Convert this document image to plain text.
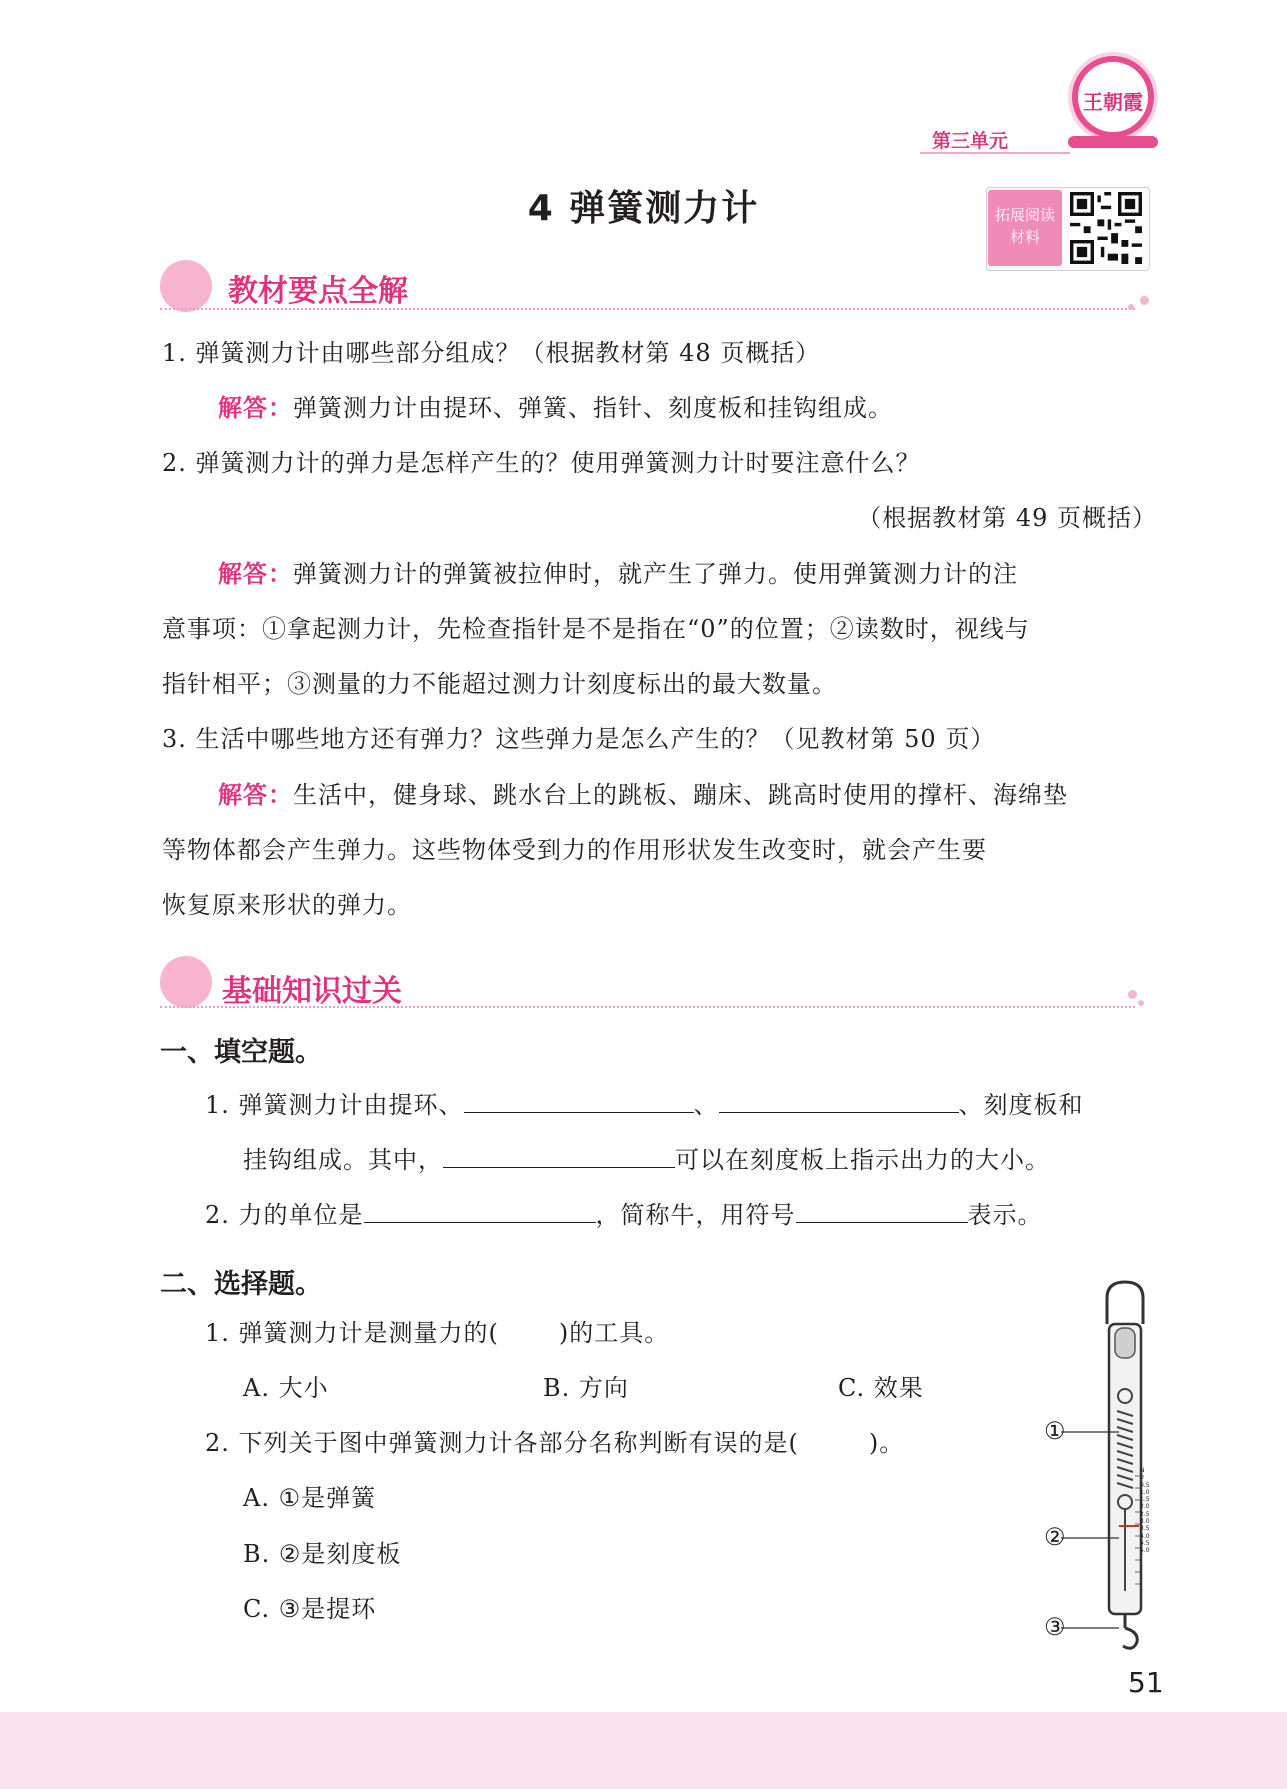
第三单元
王朝霞
4 弹簧测力计	拓展阅读
材料
教材要点全解
1. 弹簧测力计由哪些部分组成？（根据教材第 48 页概括）
解答：弹簧测力计由提环、弹簧、指针、刻度板和挂钩组成。
2. 弹簧测力计的弹力是怎样产生的？使用弹簧测力计时要注意什么？
（根据教材第 49 页概括）
解答：弹簧测力计的弹簧被拉伸时，就产生了弹力。使用弹簧测力计的注
意事项：①拿起测力计，先检查指针是不是指在“0”的位置；②读数时，视线与
指针相平；③测量的力不能超过测力计刻度标出的最大数量。
3. 生活中哪些地方还有弹力？这些弹力是怎么产生的？（见教材第 50 页）
解答：生活中，健身球、跳水台上的跳板、蹦床、跳高时使用的撑杆、海绵垫
等物体都会产生弹力。这些物体受到力的作用形状发生改变时，就会产生要
恢复原来形状的弹力。
基础知识过关
一、填空题。
1. 弹簧测力计由提环、	、	、刻度板和
挂钩组成。其中，	可以在刻度板上指示出力的大小。
2. 力的单位是	，简称牛，用符号	表示。
二、选择题。
1. 弹簧测力计是测量力的(	)的工具。
A. 大小	B. 方向	C. 效果
2. 下列关于图中弹簧测力计各部分名称判断有误的是(	)。
A. ①是弹簧
B. ②是刻度板
C. ③是提环
①
②
③
N
0
0.5
1.0
1.5
2.0
2.5
3.0
3.5
4.0
4.5
5.0
51
